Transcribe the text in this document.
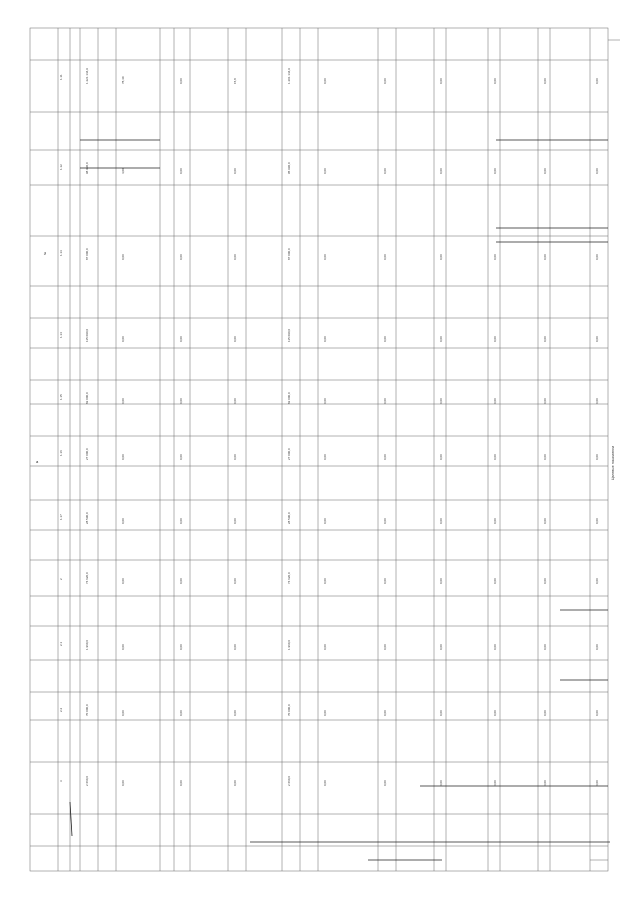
а	Целевые показатели
1.11	1 221 144,9	78,40	0,00	15,8	1 201 144,9	0,00	0,00	0,00	0,00	0,00	0,00
1.12	98 996,0	4,00	0,00	0,00	95 996,0	0,00	0,00	0,00	0,00	0,00	0,00
1.13	87 000,0	0,00	0,00	0,00	87 000,0	0,00	0,00	0,00	0,00	0,00	0,00
1.14	115 090,0	0,00	0,00	0,00	115 090,0	0,00	0,00	0,00	0,00	0,00	0,00
1.15	82 000,0	0,00	0,00	0,00	82 000,0	0,00	0,00	0,00	0,00	0,00	0,00
1.16	27 000,0	0,00	0,00	0,00	27 000,0	0,00	0,00	0,00	0,00	0,00	0,00
1.17	28 590,0	0,00	0,00	0,00	28 590,0	0,00	0,00	0,00	0,00	0,00	0,00
2	74 620,0	0,00	0,00	0,00	74 620,0	0,00	0,00	0,00	0,00	0,00	0,00
2.1	1 960,0	0,00	0,00	0,00	1 960,0	0,00	0,00	0,00	0,00	0,00	0,00
2.2	70 000,0	0,00	0,00	0,00	70 000,0	0,00	0,00	0,00	0,00	0,00	0,00
3	2 660,0	0,00	0,00	0,00	2 660,0	0,00	0,00	0,00	0,00	0,00	0,00
№
